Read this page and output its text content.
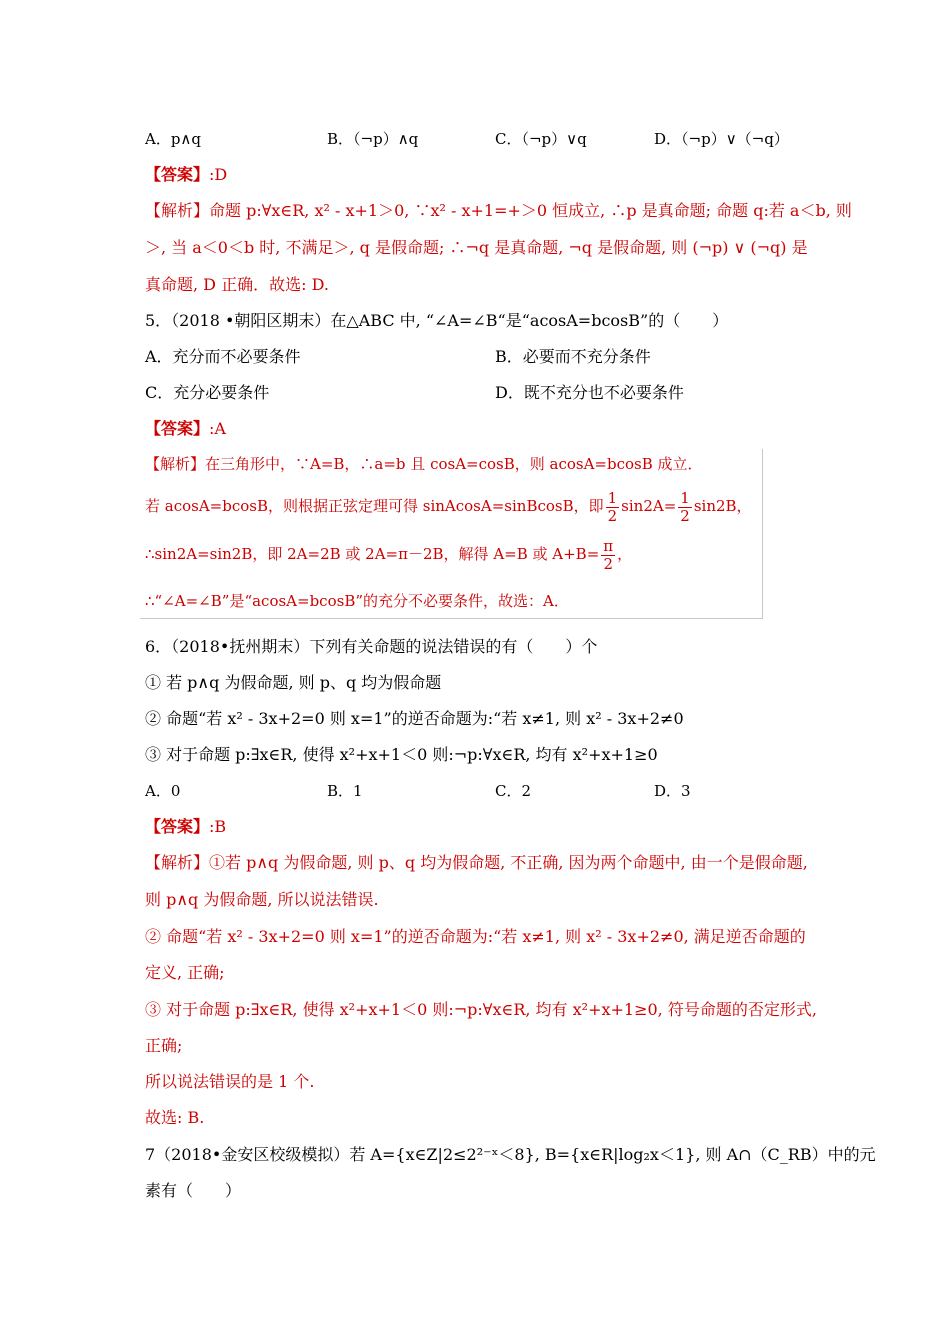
A．p∧q	B．（¬p）∧q	C．（¬p）∨q	D．（¬p）∨（¬q）
【答案】:D
【解析】命题 p:∀x∈R, x² - x+1＞0, ∵x² - x+1=+＞0 恒成立, ∴p 是真命题; 命题 q:若 a＜b, 则
＞, 当 a＜0＜b 时, 不满足＞, q 是假命题; ∴¬q 是真命题, ¬q 是假命题, 则 (¬p) ∨ (¬q) 是
真命题, D 正确．故选: D.
5．（2018 •朝阳区期末）在△ABC 中, “∠A=∠B“是“acosA=bcosB”的（　　）
A．充分而不必要条件	B．必要而不充分条件
C．充分必要条件	D．既不充分也不必要条件
【答案】:A
【解析】在三角形中，∵A=B，∴a=b 且 cosA=cosB，则 acosA=bcosB 成立．
若 acosA=bcosB，则根据正弦定理可得 sinAcosA=sinBcosB，即 $\frac{1}{2} \sin 2A= \frac{1}{2} \sin 2B$，
∴sin2A=sin2B，即 2A=2B 或 2A=π－2B，解得 A=B 或 $A+B= \frac{\pi}{2}$ ，
∴“∠A=∠B”是“acosA=bcosB”的充分不必要条件，故选：A．
6．（2018•抚州期末）下列有关命题的说法错误的有（　　）个
① 若 p∧q 为假命题, 则 p、q 均为假命题
② 命题“若 x² - 3x+2=0 则 x=1”的逆否命题为:“若 x≠1, 则 x² - 3x+2≠0
③ 对于命题 p:∃x∈R, 使得 x²+x+1＜0 则:¬p:∀x∈R, 均有 x²+x+1≥0
A．0	B．1	C．2	D．3
【答案】:B
【解析】①若 p∧q 为假命题, 则 p、q 均为假命题, 不正确, 因为两个命题中, 由一个是假命题,
则 p∧q 为假命题, 所以说法错误.
② 命题“若 x² - 3x+2=0 则 x=1”的逆否命题为:“若 x≠1, 则 x² - 3x+2≠0, 满足逆否命题的
定义, 正确;
③ 对于命题 p:∃x∈R, 使得 x²+x+1＜0 则:¬p:∀x∈R, 均有 x²+x+1≥0, 符号命题的否定形式,
正确;
所以说法错误的是 1 个.
故选: B.
7（2018•金安区校级模拟）若 A={x∈Z|2≤2²⁻ˣ＜8}, B={x∈R|log₂x＜1}, 则 A∩（C_RB）中的元
素有（　　）
